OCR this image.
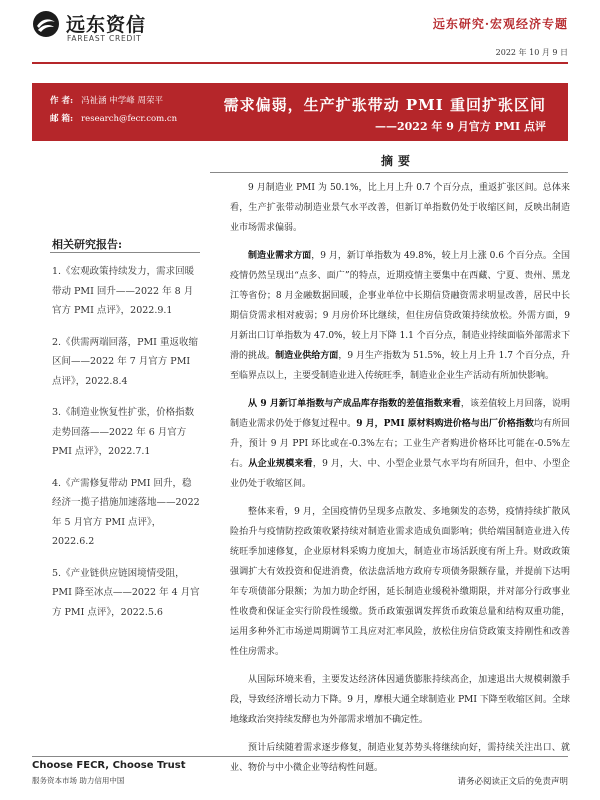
远东资信
FAREAST CREDIT
远东研究·宏观经济专题
2022 年 10 月 9 日
作 者: 冯祉涵 申学峰 周荣平
邮 箱: research@fecr.com.cn
需求偏弱，生产扩张带动 PMI 重回扩张区间
——2022 年 9 月官方 PMI 点评
相关研究报告:
1.《宏观政策持续发力，需求回暖带动 PMI 回升——2022 年 8 月官方 PMI 点评》，2022.9.1
2.《供需两端回落，PMI 重返收缩区间——2022 年 7 月官方 PMI 点评》，2022.8.4
3.《制造业恢复性扩张，价格指数走势回落——2022 年 6 月官方 PMI 点评》，2022.7.1
4.《产需修复带动 PMI 回升，稳经济一揽子措施加速落地——2022 年 5 月官方 PMI 点评》，2022.6.2
5.《产业链供应链困境情受阻，PMI 降至冰点——2022 年 4 月官方 PMI 点评》，2022.5.6
摘要

9 月制造业 PMI 为 50.1%，比上月上升 0.7 个百分点，重返扩张区间。总体来看，生产扩张带动制造业景气水平改善，但新订单指数仍处于收缩区间，反映出制造业市场需求偏弱。

制造业需求方面，9 月，新订单指数为 49.8%，较上月上涨 0.6 个百分点。全国疫情仍然呈现出“点多、面广”的特点，近期疫情主要集中在西藏、宁夏、贵州、黑龙江等省份；8 月金融数据回暖，企事业单位中长期信贷融资需求明显改善，居民中长期信贷需求相对疲弱；9 月房价环比继续，但住房信贷政策持续放松。外需方面，9 月新出口订单指数为 47.0%，较上月下降 1.1 个百分点，制造业持续面临外部需求下滑的挑战。制造业供给方面，9 月生产指数为 51.5%，较上月上升 1.7 个百分点，升至临界点以上，主要受制造业进入传统旺季，制造业企业生产活动有所加快影响。

从 9 月新订单指数与产成品库存指数的差值指数来看，该差值较上月回落，说明制造业需求仍处于修复过程中。9 月，PMI 原材料购进价格与出厂价格指数均有所回升，预计 9 月 PPI 环比或在-0.3%左右；工业生产者购进价格环比可能在-0.5%左右。从企业规模来看，9 月，大、中、小型企业景气水平均有所回升，但中、小型企业仍处于收缩区间。

整体来看，9 月，全国疫情仍呈现多点散发、多地频发的态势，疫情持续扩散风险抬升与疫情防控政策收紧持续对制造业需求造成负面影响；供给端国制造业进入传统旺季加速修复，企业原材料采购力度加大，制造业市场活跃度有所上升。财政政策强调扩大有效投资和促进消费，依法盘活地方政府专项债务限额存量，并提前下达明年专项债部分限额；为加力助企纾困，延长制造业缓税补缴期限，并对部分行政事业性收费和保证金实行阶段性缓缴。货币政策强调发挥货币政策总量和结构双重功能，运用多种外汇市场逆周期调节工具应对汇率风险，放松住房信贷政策支持刚性和改善性住房需求。

从国际环境来看，主要发达经济体因通货膨胀持续高企，加速退出大规模刺激手段，导致经济增长动力下降。9 月，摩根大通全球制造业 PMI 下降至收缩区间。全球地缘政治突持续发酵也为外部需求增加不确定性。

预计后续随着需求逐步修复，制造业复苏势头将继续向好，需持续关注出口、就业、物价与中小微企业等结构性问题。

Choose FECR, Choose Trust
服务资本市场 助力信用中国	请务必阅读正文后的免责声明
